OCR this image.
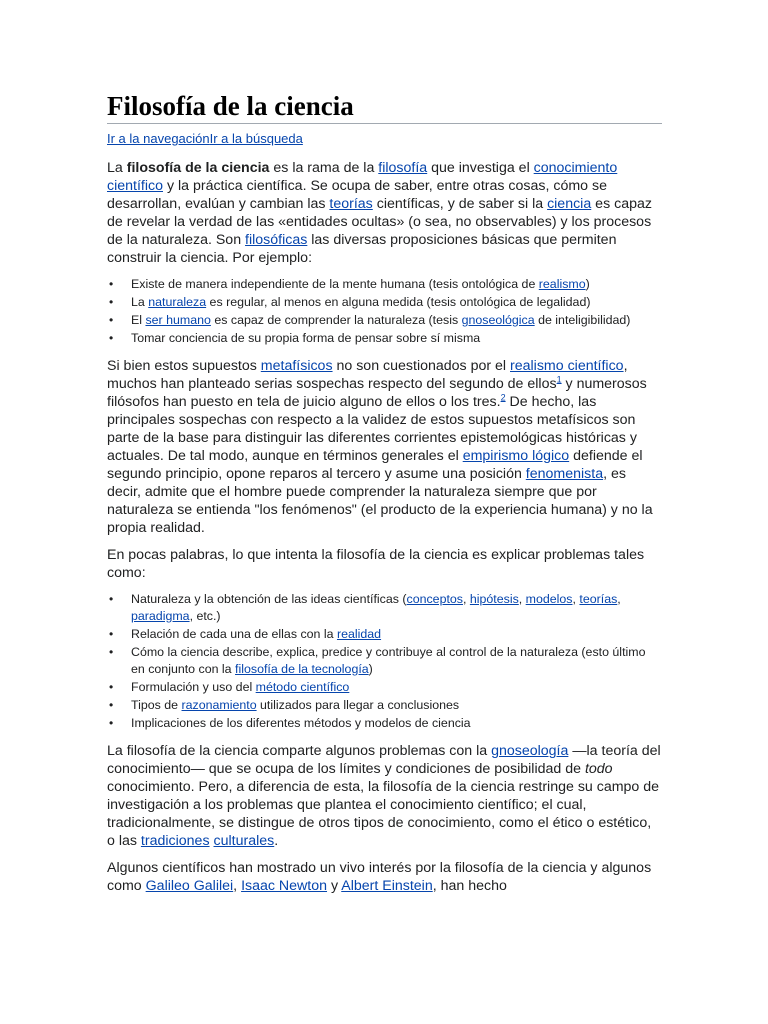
Filosofía de la ciencia
Ir a la navegaciónIr a la búsqueda

La filosofía de la ciencia es la rama de la filosofía que investiga el conocimiento científico y la práctica científica. Se ocupa de saber, entre otras cosas, cómo se desarrollan, evalúan y cambian las teorías científicas, y de saber si la ciencia es capaz de revelar la verdad de las «entidades ocultas» (o sea, no observables) y los procesos de la naturaleza. Son filosóficas las diversas proposiciones básicas que permiten construir la ciencia. Por ejemplo:

• Existe de manera independiente de la mente humana (tesis ontológica de realismo)
• La naturaleza es regular, al menos en alguna medida (tesis ontológica de legalidad)
• El ser humano es capaz de comprender la naturaleza (tesis gnoseológica de inteligibilidad)
• Tomar conciencia de su propia forma de pensar sobre sí misma

Si bien estos supuestos metafísicos no son cuestionados por el realismo científico, muchos han planteado serias sospechas respecto del segundo de ellos$^1$ y numerosos filósofos han puesto en tela de juicio alguno de ellos o los tres.$^2$ De hecho, las principales sospechas con respecto a la validez de estos supuestos metafísicos son parte de la base para distinguir las diferentes corrientes epistemológicas históricas y actuales. De tal modo, aunque en términos generales el empirismo lógico defiende el segundo principio, opone reparos al tercero y asume una posición fenomenista, es decir, admite que el hombre puede comprender la naturaleza siempre que por naturaleza se entienda "los fenómenos" (el producto de la experiencia humana) y no la propia realidad.

En pocas palabras, lo que intenta la filosofía de la ciencia es explicar problemas tales como:

• Naturaleza y la obtención de las ideas científicas (conceptos, hipótesis, modelos, teorías, paradigma, etc.)
• Relación de cada una de ellas con la realidad
• Cómo la ciencia describe, explica, predice y contribuye al control de la naturaleza (esto último en conjunto con la filosofía de la tecnología)
• Formulación y uso del método científico
• Tipos de razonamiento utilizados para llegar a conclusiones
• Implicaciones de los diferentes métodos y modelos de ciencia

La filosofía de la ciencia comparte algunos problemas con la gnoseología —la teoría del conocimiento— que se ocupa de los límites y condiciones de posibilidad de todo conocimiento. Pero, a diferencia de esta, la filosofía de la ciencia restringe su campo de investigación a los problemas que plantea el conocimiento científico; el cual, tradicionalmente, se distingue de otros tipos de conocimiento, como el ético o estético, o las tradiciones culturales.

Algunos científicos han mostrado un vivo interés por la filosofía de la ciencia y algunos como Galileo Galilei, Isaac Newton y Albert Einstein, han hecho
